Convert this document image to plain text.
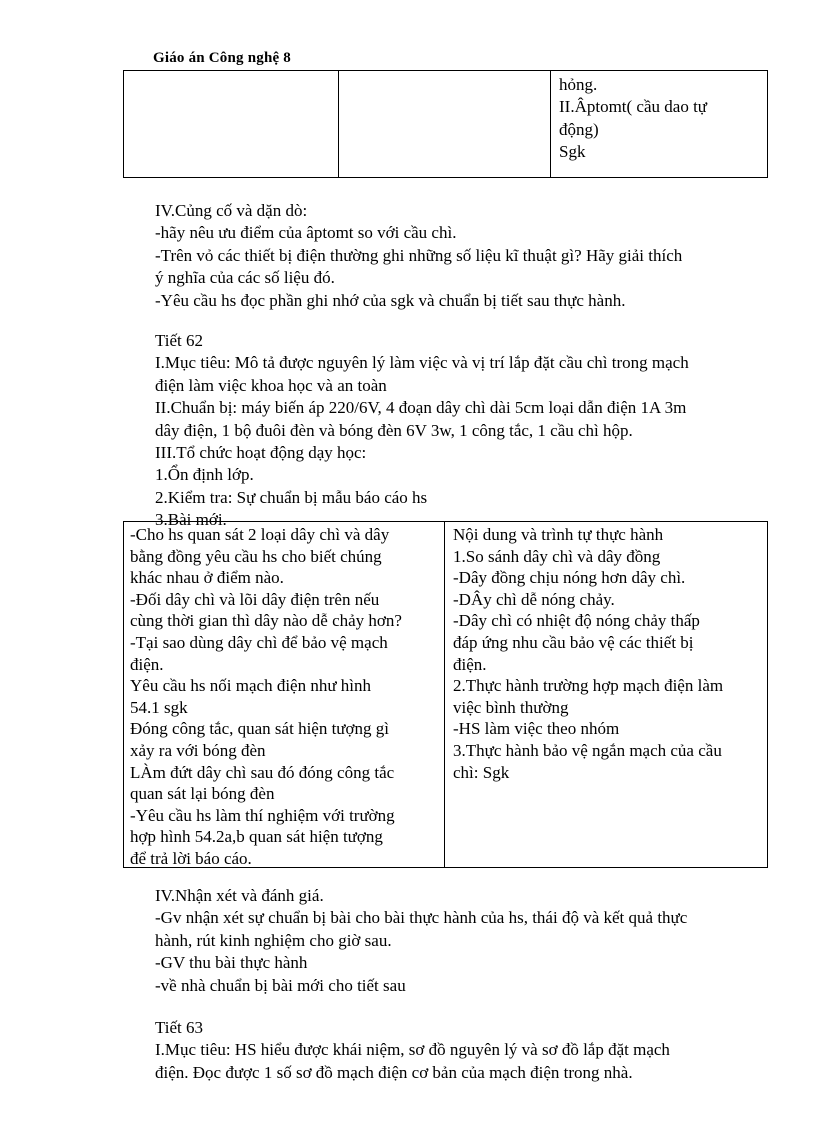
Giáo án Công nghệ 8
hỏng.
II.Âptomt( cầu dao tự
động)
Sgk
IV.Củng cố và dặn dò:
-hãy nêu ưu điểm của âptomt so với cầu chì.
-Trên vỏ các thiết bị điện thường ghi những số liệu kĩ thuật gì? Hãy giải thích
ý nghĩa của các số liệu đó.
-Yêu cầu hs đọc phần ghi nhớ của sgk và chuẩn bị tiết sau thực hành.
Tiết 62
I.Mục tiêu: Mô tả được nguyên lý làm việc và vị trí lắp đặt cầu chì trong mạch
điện làm việc khoa học và an toàn
II.Chuẩn bị: máy biến áp 220/6V, 4 đoạn dây chì dài 5cm loại dẫn điện 1A 3m
dây điện, 1 bộ đuôi đèn và bóng đèn 6V 3w, 1 công tắc, 1 cầu chì hộp.
III.Tổ chức hoạt động dạy học:
1.Ổn định lớp.
2.Kiểm tra: Sự chuẩn bị mẫu báo cáo hs
3.Bài mới.
-Cho hs quan sát 2 loại dây chì và dây
bằng đồng yêu cầu hs cho biết chúng
khác nhau ở điểm nào.
-Đối dây chì và lõi dây điện trên nếu
cùng thời gian thì dây nào dễ chảy hơn?
-Tại sao dùng dây chì để bảo vệ mạch
điện.
Yêu cầu hs nối mạch điện như hình
54.1 sgk
Đóng công tắc, quan sát hiện tượng gì
xảy ra với bóng đèn
LÀm đứt dây chì sau đó đóng công tắc
quan sát lại bóng đèn
-Yêu cầu hs làm thí nghiệm với trường
hợp hình 54.2a,b quan sát hiện tượng
để trả lời báo cáo.
Nội dung và trình tự thực hành
1.So sánh dây chì và dây đồng
-Dây đồng chịu nóng hơn dây chì.
-DÂy chì dễ nóng chảy.
-Dây chì có nhiệt độ nóng chảy thấp
đáp ứng nhu cầu bảo vệ các thiết bị
điện.
2.Thực hành trường hợp mạch điện làm
việc bình thường
-HS làm việc theo nhóm
3.Thực hành bảo vệ ngắn mạch của cầu
chì: Sgk
IV.Nhận xét và đánh giá.
-Gv nhận xét sự chuẩn bị bài cho bài thực hành của hs, thái độ và kết quả thực
hành, rút kinh nghiệm cho giờ sau.
-GV thu bài thực hành
-về nhà chuẩn bị bài mới cho tiết sau
Tiết 63
I.Mục tiêu: HS hiểu được khái niệm, sơ đồ nguyên lý và sơ đồ lắp đặt mạch
điện. Đọc được 1 số sơ đồ mạch điện cơ bản của mạch điện trong nhà.
